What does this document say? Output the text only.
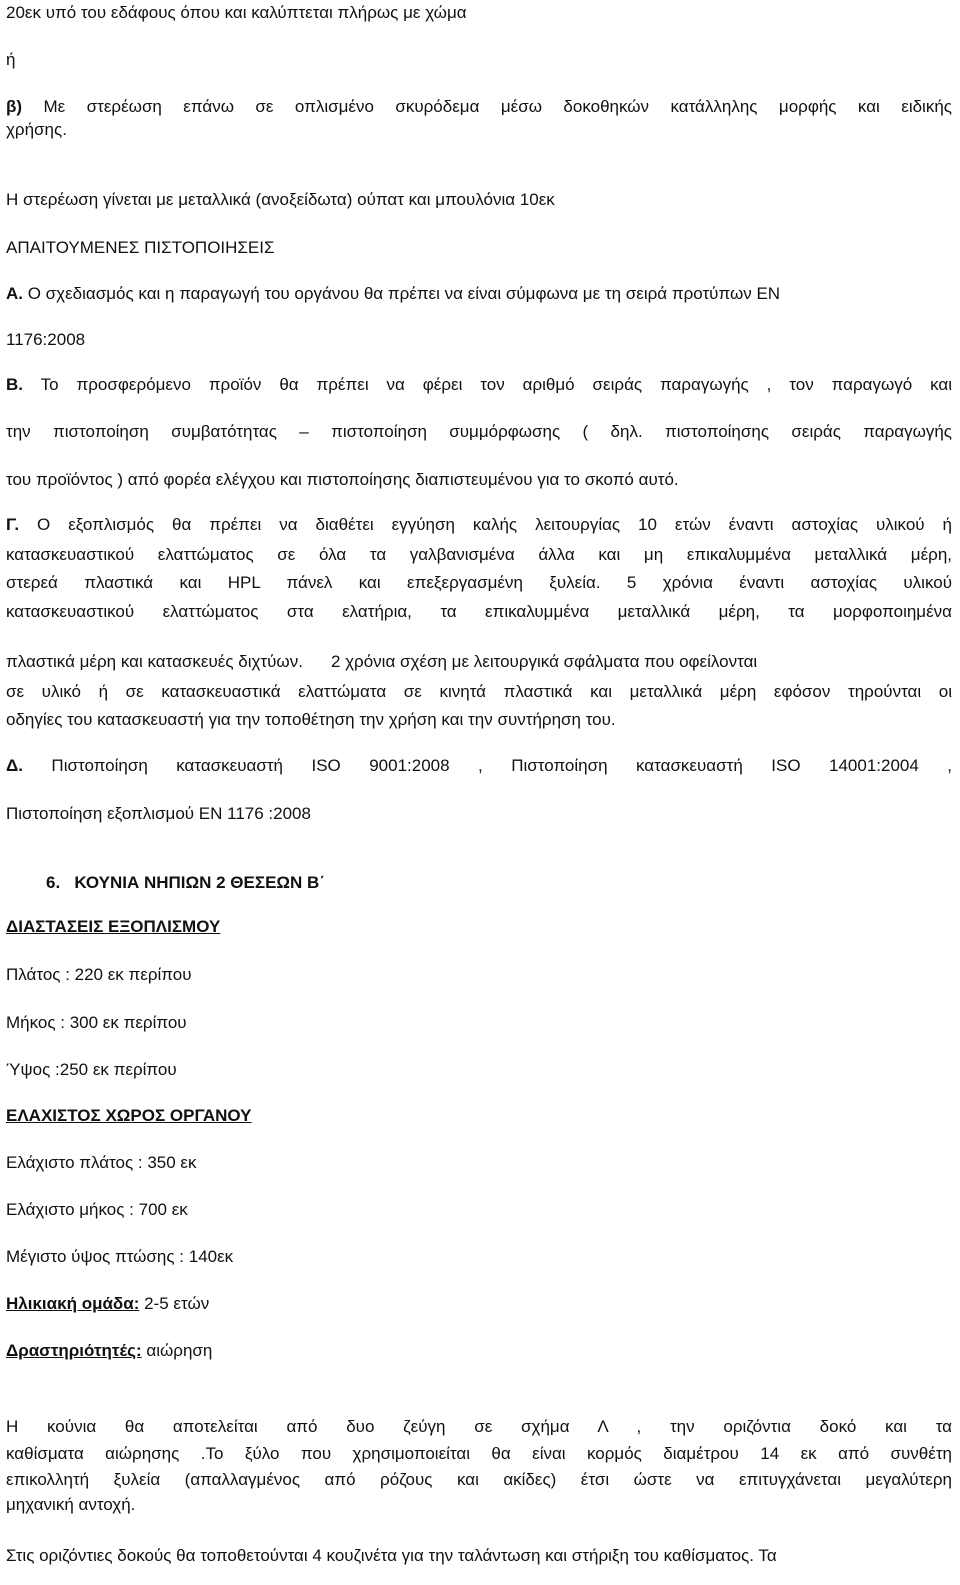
20εκ υπό του εδάφους όπου και καλύπτεται πλήρως με χώμα
ή
β) Με στερέωση επάνω σε οπλισμένο σκυρόδεμα μέσω δοκοθηκών κατάλληλης μορφής και ειδικής
χρήσης.
Η στερέωση γίνεται με μεταλλικά (ανοξείδωτα) ούπατ και μπουλόνια 10εκ
ΑΠΑΙΤΟΥΜΕΝΕΣ ΠΙΣΤΟΠΟΙΗΣΕΙΣ
Α. Ο σχεδιασμός και η παραγωγή του οργάνου θα πρέπει να είναι σύμφωνα με τη σειρά προτύπων ΕΝ
1176:2008
Β. Το προσφερόμενο προϊόν θα πρέπει να φέρει τον αριθμό σειράς παραγωγής , τον παραγωγό και
την πιστοποίηση συμβατότητας – πιστοποίηση συμμόρφωσης ( δηλ. πιστοποίησης σειράς παραγωγής
του προϊόντος ) από φορέα ελέγχου και πιστοποίησης διαπιστευμένου για το σκοπό αυτό.
Γ. Ο εξοπλισμός θα πρέπει να διαθέτει εγγύηση καλής λειτουργίας 10 ετών έναντι αστοχίας υλικού ή
κατασκευαστικού ελαττώματος σε όλα τα γαλβανισμένα άλλα και μη επικαλυμμένα μεταλλικά μέρη,
στερεά πλαστικά και HPL πάνελ και επεξεργασμένη ξυλεία. 5 χρόνια έναντι αστοχίας υλικού
κατασκευαστικού ελαττώματος στα ελατήρια, τα επικαλυμμένα μεταλλικά μέρη, τα μορφοποιημένα
πλαστικά μέρη και κατασκευές διχτύων. 2 χρόνια σχέση με λειτουργικά σφάλματα που οφείλονται
σε υλικό ή σε κατασκευαστικά ελαττώματα σε κινητά πλαστικά και μεταλλικά μέρη εφόσον τηρούνται οι
οδηγίες του κατασκευαστή για την τοποθέτηση την χρήση και την συντήρηση του.
Δ. Πιστοποίηση κατασκευαστή ISO 9001:2008 , Πιστοποίηση κατασκευαστή ISO 14001:2004 ,
Πιστοποίηση εξοπλισμού ΕΝ 1176 :2008
6. ΚΟΥΝΙΑ ΝΗΠΙΩΝ 2 ΘΕΣΕΩΝ Β΄
ΔΙΑΣΤΑΣΕΙΣ ΕΞΟΠΛΙΣΜΟΥ
Πλάτος : 220 εκ περίπου
Μήκος : 300 εκ περίπου
Ύψος :250 εκ περίπου
ΕΛΑΧΙΣΤΟΣ ΧΩΡΟΣ ΟΡΓΑΝΟΥ
Ελάχιστο πλάτος : 350 εκ
Ελάχιστο μήκος : 700 εκ
Μέγιστο ύψος πτώσης : 140εκ
Ηλικιακή ομάδα: 2-5 ετών
Δραστηριότητές: αιώρηση
Η κούνια θα αποτελείται από δυο ζεύγη σε σχήμα Λ , την οριζόντια δοκό και τα
καθίσματα αιώρησης .Το ξύλο που χρησιμοποιείται θα είναι κορμός διαμέτρου 14 εκ από συνθέτη
επικολλητή ξυλεία (απαλλαγμένος από ρόζους και ακίδες) έτσι ώστε να επιτυγχάνεται μεγαλύτερη
μηχανική αντοχή.
Στις οριζόντιες δοκούς θα τοποθετούνται 4 κουζινέτα για την ταλάντωση και στήριξη του καθίσματος. Τα
